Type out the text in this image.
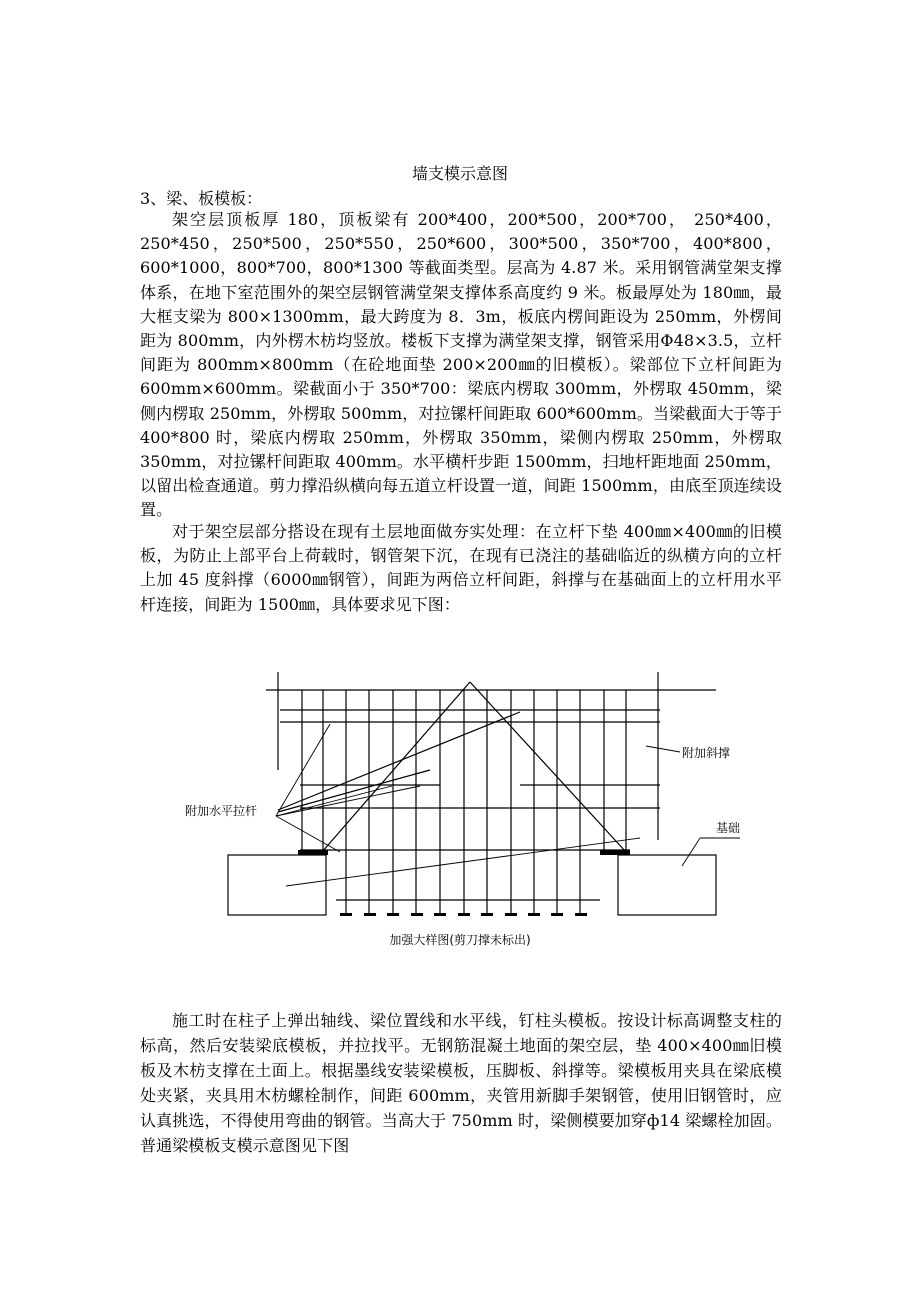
墙支模示意图
3、梁、板模板：

架空层顶板厚 180，顶板梁有 200*400，200*500，200*700， 250*400，250*450，250*500，250*550，250*600，300*500，350*700，400*800，600*1000，800*700，800*1300 等截面类型。层高为 4.87 米。采用钢管满堂架支撑体系，在地下室范围外的架空层钢管满堂架支撑体系高度约 9 米。板最厚处为 180㎜，最大框支梁为 800×1300mm，最大跨度为 8．3m，板底内楞间距设为 250mm，外楞间距为 800mm，内外楞木枋均竖放。楼板下支撑为满堂架支撑，钢管采用Φ48×3.5，立杆间距为 800mm×800mm（在砼地面垫 200×200㎜的旧模板）。梁部位下立杆间距为 600mm×600mm。梁截面小于 350*700：梁底内楞取 300mm，外楞取 450mm，梁侧内楞取 250mm，外楞取 500mm，对拉镙杆间距取 600*600mm。当梁截面大于等于 400*800 时，梁底内楞取 250mm，外楞取 350mm，梁侧内楞取 250mm，外楞取 350mm，对拉镙杆间距取 400mm。水平横杆步距 1500mm，扫地杆距地面 250mm，以留出检查通道。剪力撑沿纵横向每五道立杆设置一道，间距 1500mm，由底至顶连续设置。

对于架空层部分搭设在现有土层地面做夯实处理：在立杆下垫 400㎜×400㎜的旧模板，为防止上部平台上荷载时，钢管架下沉，在现有已浇注的基础临近的纵横方向的立杆上加 45 度斜撑（6000㎜钢管），间距为两倍立杆间距，斜撑与在基础面上的立杆用水平杆连接，间距为 1500㎜，具体要求见下图：

附加斜撑
附加水平拉杆
基础
加强大样图(剪刀撑未标出)

施工时在柱子上弹出轴线、梁位置线和水平线，钉柱头模板。按设计标高调整支柱的标高，然后安装梁底模板，并拉找平。无钢筋混凝土地面的架空层，垫 400×400㎜旧模板及木枋支撑在土面上。根据墨线安装梁模板，压脚板、斜撑等。梁模板用夹具在梁底模处夹紧，夹具用木枋螺栓制作，间距 600mm，夹管用新脚手架钢管，使用旧钢管时，应认真挑选，不得使用弯曲的钢管。当高大于 750mm 时，梁侧模要加穿ф14 梁螺栓加固。普通梁模板支模示意图见下图
